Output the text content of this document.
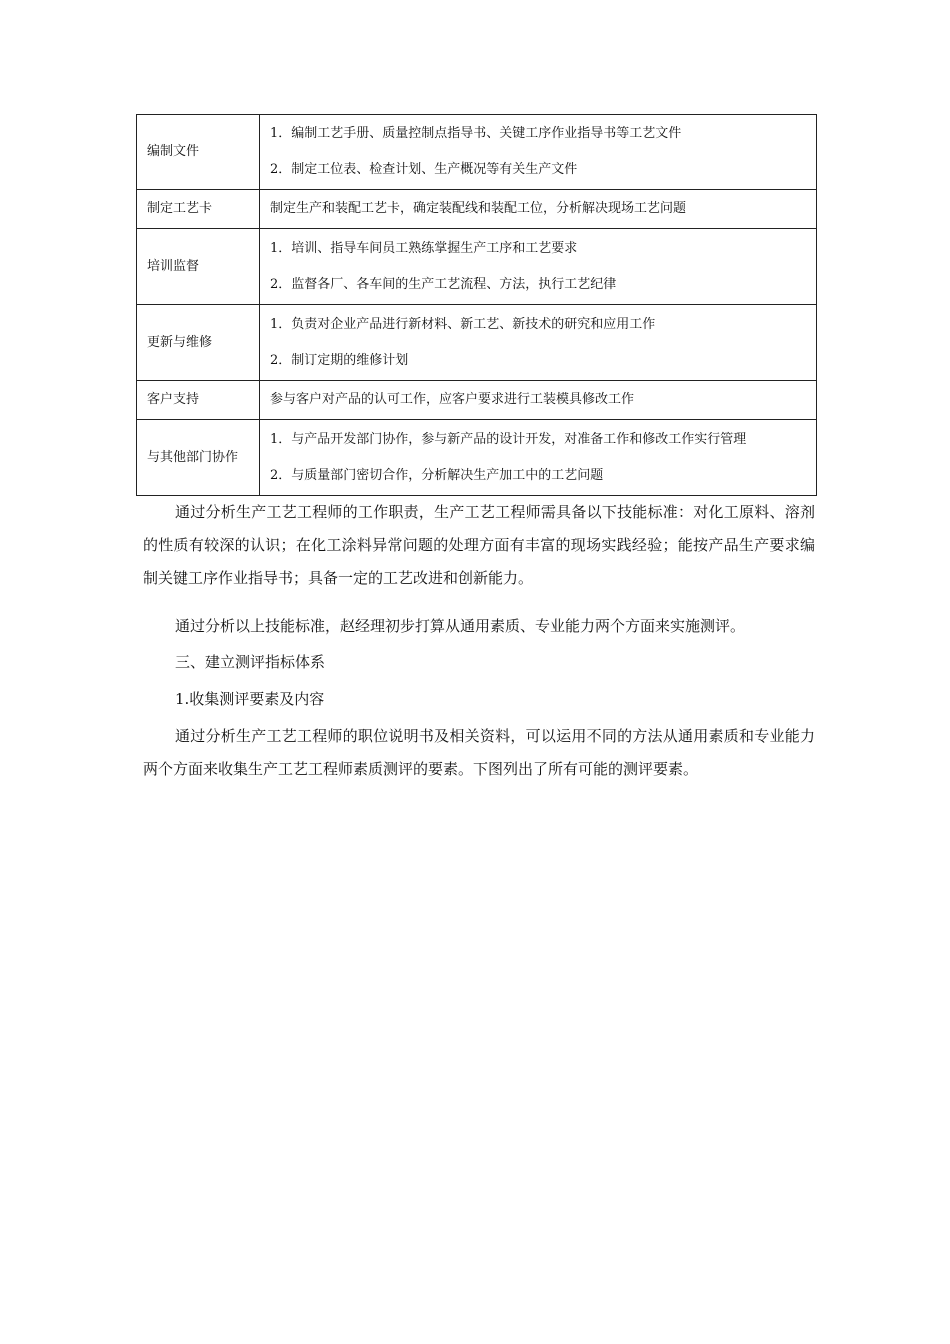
编制文件	1．编制工艺手册、质量控制点指导书、关键工序作业指导书等工艺文件
2．制定工位表、检查计划、生产概况等有关生产文件

制定工艺卡	制定生产和装配工艺卡，确定装配线和装配工位，分析解决现场工艺问题

培训监督	1．培训、指导车间员工熟练掌握生产工序和工艺要求
2．监督各厂、各车间的生产工艺流程、方法，执行工艺纪律

更新与维修	1．负责对企业产品进行新材料、新工艺、新技术的研究和应用工作
2．制订定期的维修计划

客户支持	参与客户对产品的认可工作，应客户要求进行工装模具修改工作

与其他部门协作	1．与产品开发部门协作，参与新产品的设计开发，对准备工作和修改工作实行管理
2．与质量部门密切合作，分析解决生产加工中的工艺问题

通过分析生产工艺工程师的工作职责，生产工艺工程师需具备以下技能标准：对化工原料、溶剂的性质有较深的认识；在化工涂料异常问题的处理方面有丰富的现场实践经验；能按产品生产要求编制关键工序作业指导书；具备一定的工艺改进和创新能力。

通过分析以上技能标准，赵经理初步打算从通用素质、专业能力两个方面来实施测评。

三、建立测评指标体系

1.收集测评要素及内容

通过分析生产工艺工程师的职位说明书及相关资料，可以运用不同的方法从通用素质和专业能力两个方面来收集生产工艺工程师素质测评的要素。下图列出了所有可能的测评要素。
